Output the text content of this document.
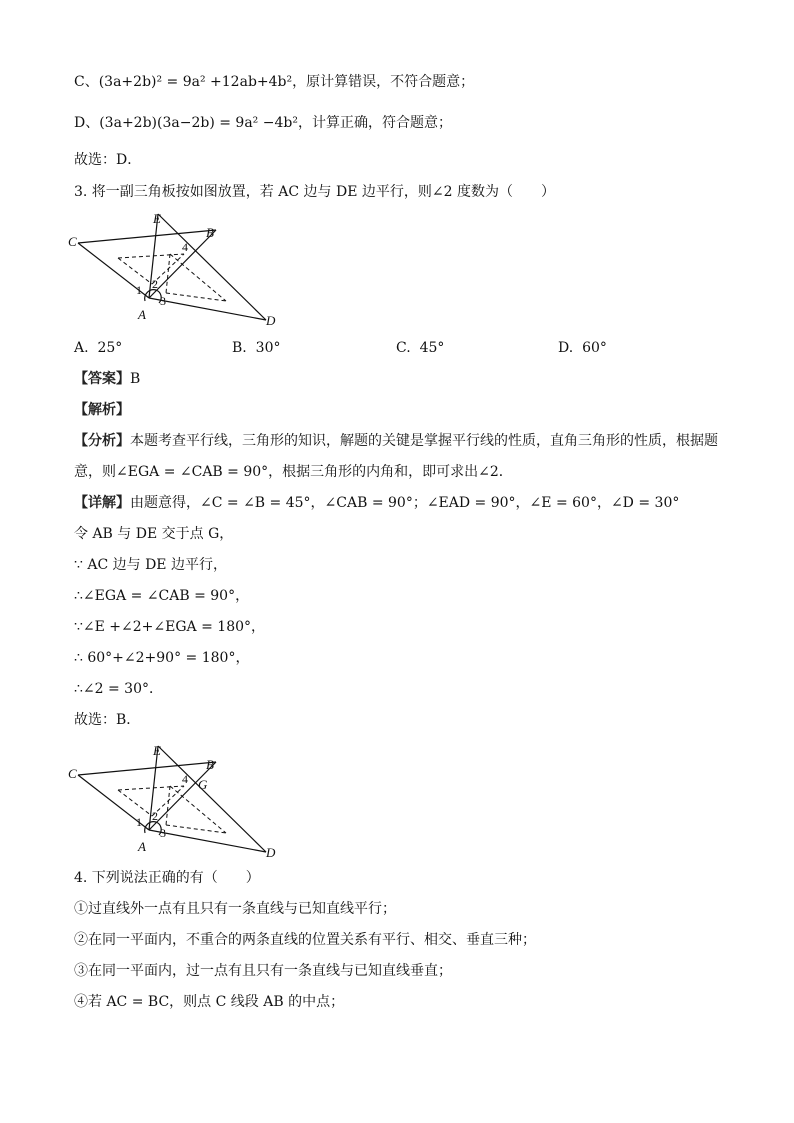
C、(3a+2b)² = 9a² +12ab+4b²，原计算错误，不符合题意；
D、(3a+2b)(3a−2b) = 9a² −4b²，计算正确，符合题意；
故选：D．
3. 将一副三角板按如图放置，若 AC 边与 DE 边平行，则∠2 度数为（　　）
C
E
B
A	D
1 2
3
4
A. 25°	B. 30°	C. 45°	D. 60°
【答案】B
【解析】
【分析】本题考查平行线，三角形的知识，解题的关键是掌握平行线的性质，直角三角形的性质，根据题
意，则∠EGA = ∠CAB = 90°，根据三角形的内角和，即可求出∠2．
【详解】由题意得，∠C = ∠B = 45°，∠CAB = 90°；∠EAD = 90°，∠E = 60°，∠D = 30°
令 AB 与 DE 交于点 G，
∵ AC 边与 DE 边平行，
∴∠EGA = ∠CAB = 90°，
∵∠E +∠2+∠EGA = 180°，
∴ 60°+∠2+90° = 180°，
∴∠2 = 30°．
故选：B．
C
E
B
G
A	D
1 2
3
4
4. 下列说法正确的有（　　）
①过直线外一点有且只有一条直线与已知直线平行；
②在同一平面内，不重合的两条直线的位置关系有平行、相交、垂直三种；
③在同一平面内，过一点有且只有一条直线与已知直线垂直；
④若 AC = BC，则点 C 线段 AB 的中点；
